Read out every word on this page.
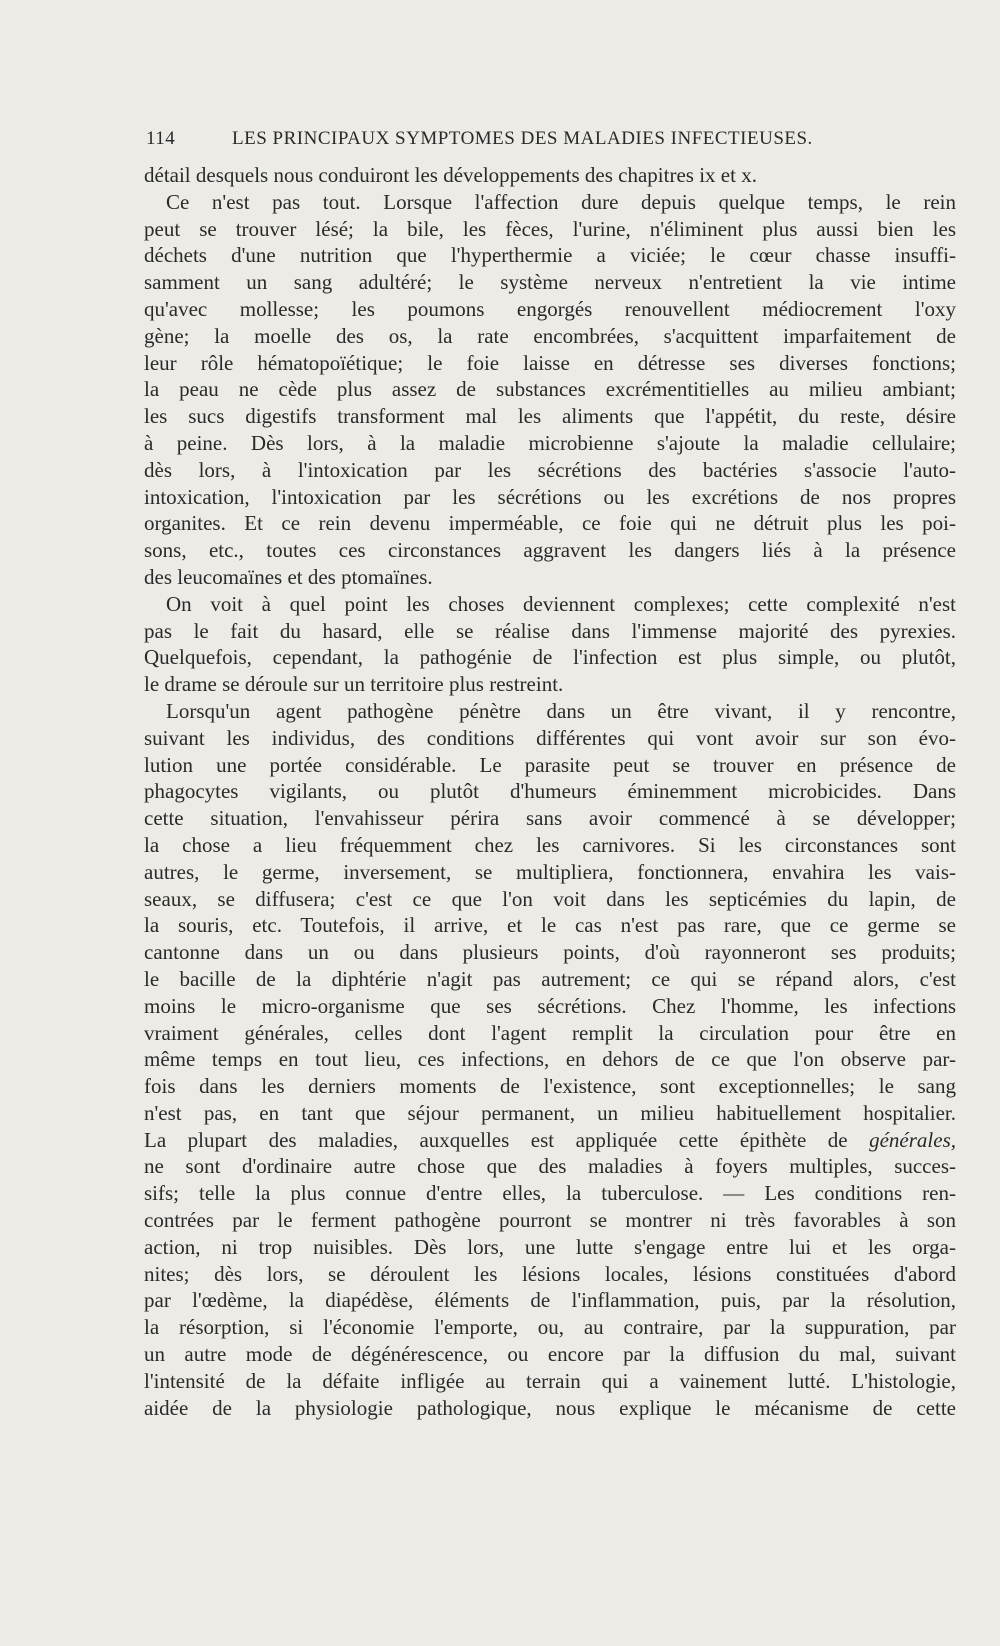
114	LES PRINCIPAUX SYMPTOMES DES MALADIES INFECTIEUSES.
détail desquels nous conduiront les développements des chapitres ix et x.
Ce n'est pas tout. Lorsque l'affection dure depuis quelque temps, le rein
peut se trouver lésé; la bile, les fèces, l'urine, n'éliminent plus aussi bien les
déchets d'une nutrition que l'hyperthermie a viciée; le cœur chasse insuffi-
samment un sang adultéré; le système nerveux n'entretient la vie intime
qu'avec mollesse; les poumons engorgés renouvellent médiocrement l'oxy
gène; la moelle des os, la rate encombrées, s'acquittent imparfaitement de
leur rôle hématopoïétique; le foie laisse en détresse ses diverses fonctions;
la peau ne cède plus assez de substances excrémentitielles au milieu ambiant;
les sucs digestifs transforment mal les aliments que l'appétit, du reste, désire
à peine. Dès lors, à la maladie microbienne s'ajoute la maladie cellulaire;
dès lors, à l'intoxication par les sécrétions des bactéries s'associe l'auto-
intoxication, l'intoxication par les sécrétions ou les excrétions de nos propres
organites. Et ce rein devenu imperméable, ce foie qui ne détruit plus les poi-
sons, etc., toutes ces circonstances aggravent les dangers liés à la présence
des leucomaïnes et des ptomaïnes.
On voit à quel point les choses deviennent complexes; cette complexité n'est
pas le fait du hasard, elle se réalise dans l'immense majorité des pyrexies.
Quelquefois, cependant, la pathogénie de l'infection est plus simple, ou plutôt,
le drame se déroule sur un territoire plus restreint.
Lorsqu'un agent pathogène pénètre dans un être vivant, il y rencontre,
suivant les individus, des conditions différentes qui vont avoir sur son évo-
lution une portée considérable. Le parasite peut se trouver en présence de
phagocytes vigilants, ou plutôt d'humeurs éminemment microbicides. Dans
cette situation, l'envahisseur périra sans avoir commencé à se développer;
la chose a lieu fréquemment chez les carnivores. Si les circonstances sont
autres, le germe, inversement, se multipliera, fonctionnera, envahira les vais-
seaux, se diffusera; c'est ce que l'on voit dans les septicémies du lapin, de
la souris, etc. Toutefois, il arrive, et le cas n'est pas rare, que ce germe se
cantonne dans un ou dans plusieurs points, d'où rayonneront ses produits;
le bacille de la diphtérie n'agit pas autrement; ce qui se répand alors, c'est
moins le micro-organisme que ses sécrétions. Chez l'homme, les infections
vraiment générales, celles dont l'agent remplit la circulation pour être en
même temps en tout lieu, ces infections, en dehors de ce que l'on observe par-
fois dans les derniers moments de l'existence, sont exceptionnelles; le sang
n'est pas, en tant que séjour permanent, un milieu habituellement hospitalier.
La plupart des maladies, auxquelles est appliquée cette épithète de générales,
ne sont d'ordinaire autre chose que des maladies à foyers multiples, succes-
sifs; telle la plus connue d'entre elles, la tuberculose. — Les conditions ren-
contrées par le ferment pathogène pourront se montrer ni très favorables à son
action, ni trop nuisibles. Dès lors, une lutte s'engage entre lui et les orga-
nites; dès lors, se déroulent les lésions locales, lésions constituées d'abord
par l'œdème, la diapédèse, éléments de l'inflammation, puis, par la résolution,
la résorption, si l'économie l'emporte, ou, au contraire, par la suppuration, par
un autre mode de dégénérescence, ou encore par la diffusion du mal, suivant
l'intensité de la défaite infligée au terrain qui a vainement lutté. L'histologie,
aidée de la physiologie pathologique, nous explique le mécanisme de cette
